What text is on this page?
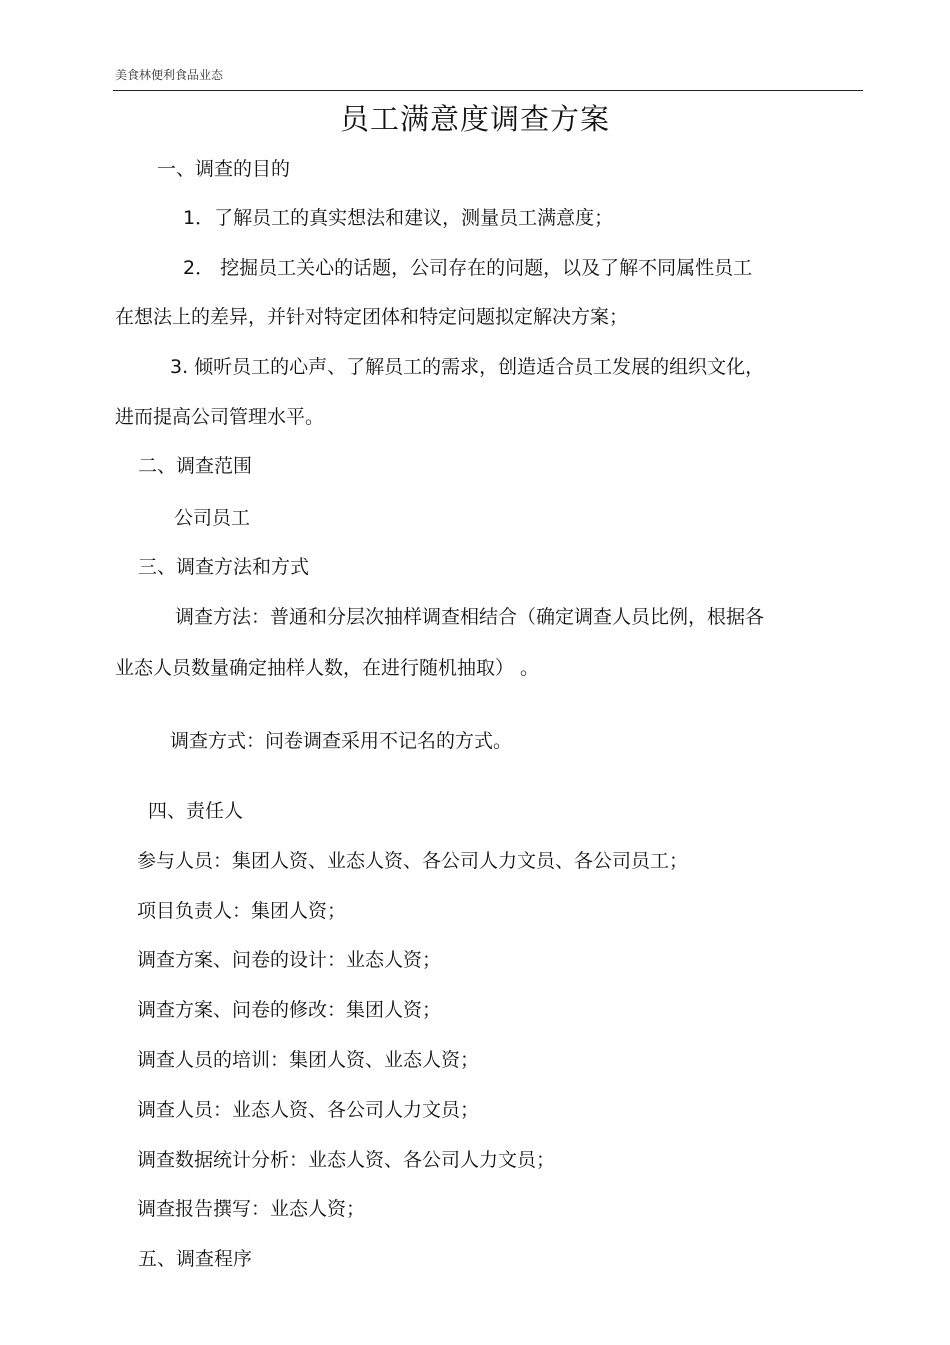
美食林便利食品业态
员工满意度调查方案
一、调查的目的
1．了解员工的真实想法和建议，测量员工满意度；
2． 挖掘员工关心的话题，公司存在的问题，以及了解不同属性员工
在想法上的差异，并针对特定团体和特定问题拟定解决方案；
3. 倾听员工的心声、了解员工的需求，创造适合员工发展的组织文化，
进而提高公司管理水平。
二、调查范围
公司员工
三、调查方法和方式
调查方法：普通和分层次抽样调查相结合（确定调查人员比例，根据各
业态人员数量确定抽样人数，在进行随机抽取） 。
调查方式：问卷调查采用不记名的方式。
四、责任人
参与人员：集团人资、业态人资、各公司人力文员、各公司员工；
项目负责人：集团人资；
调查方案、问卷的设计：业态人资；
调查方案、问卷的修改：集团人资；
调查人员的培训：集团人资、业态人资；
调查人员：业态人资、各公司人力文员；
调查数据统计分析：业态人资、各公司人力文员；
调查报告撰写：业态人资；
五、调查程序
